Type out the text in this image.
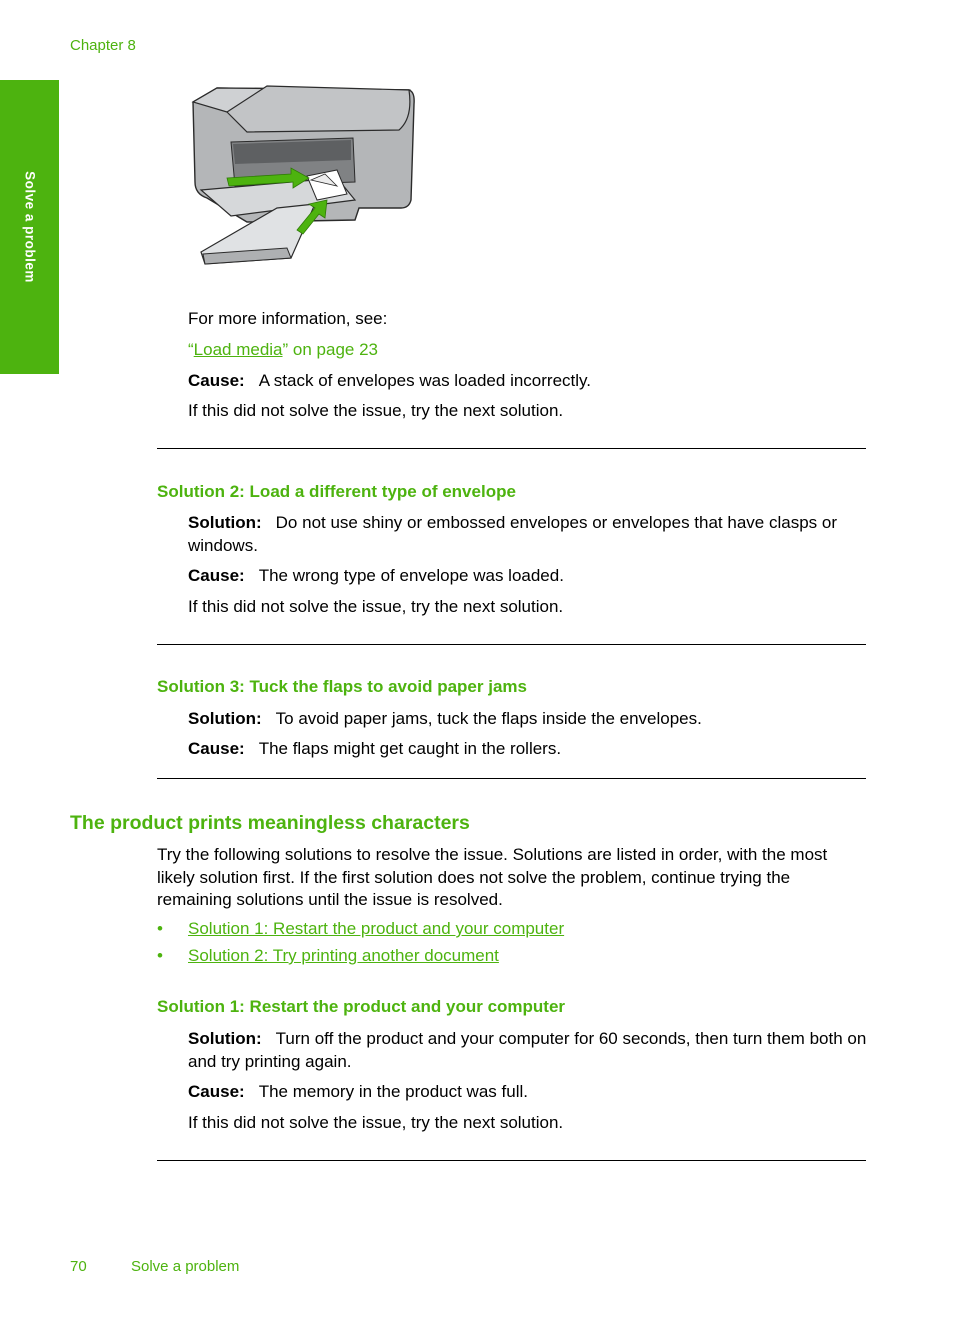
Chapter 8
Solve a problem
For more information, see:
“Load media” on page 23
Cause: A stack of envelopes was loaded incorrectly.
If this did not solve the issue, try the next solution.
Solution 2: Load a different type of envelope
Solution: Do not use shiny or embossed envelopes or envelopes that have clasps or windows.
Cause: The wrong type of envelope was loaded.
If this did not solve the issue, try the next solution.
Solution 3: Tuck the flaps to avoid paper jams
Solution: To avoid paper jams, tuck the flaps inside the envelopes.
Cause: The flaps might get caught in the rollers.
The product prints meaningless characters
Try the following solutions to resolve the issue. Solutions are listed in order, with the most likely solution first. If the first solution does not solve the problem, continue trying the remaining solutions until the issue is resolved.
• Solution 1: Restart the product and your computer
• Solution 2: Try printing another document
Solution 1: Restart the product and your computer
Solution: Turn off the product and your computer for 60 seconds, then turn them both on and try printing again.
Cause: The memory in the product was full.
If this did not solve the issue, try the next solution.
70	Solve a problem
